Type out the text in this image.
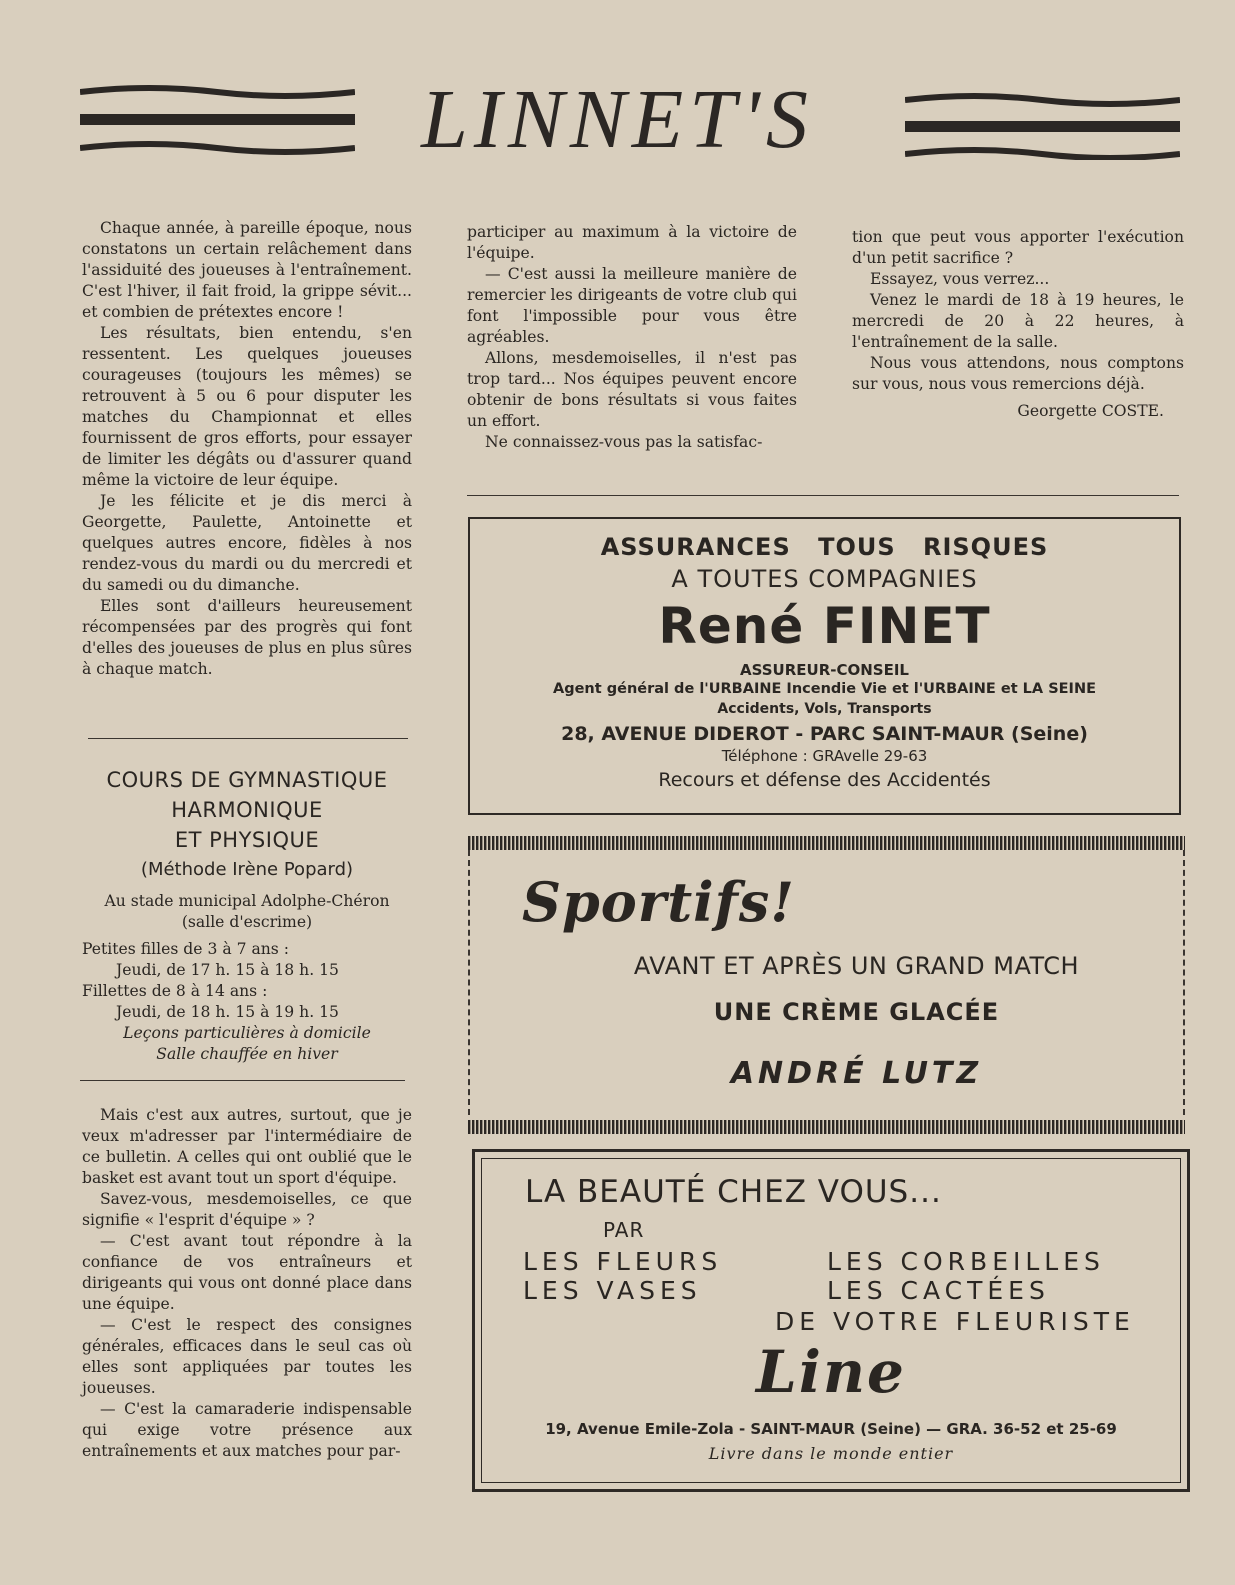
LINNET'S

Chaque année, à pareille époque, nous constatons un certain relâchement dans l'assiduité des joueuses à l'entraînement. C'est l'hiver, il fait froid, la grippe sévit... et combien de prétextes encore !

Les résultats, bien entendu, s'en ressentent. Les quelques joueuses courageuses (toujours les mêmes) se retrouvent à 5 ou 6 pour disputer les matches du Championnat et elles fournissent de gros efforts, pour essayer de limiter les dégâts ou d'assurer quand même la victoire de leur équipe.

Je les félicite et je dis merci à Georgette, Paulette, Antoinette et quelques autres encore, fidèles à nos rendez-vous du mardi ou du mercredi et du samedi ou du dimanche.

Elles sont d'ailleurs heureusement récompensées par des progrès qui font d'elles des joueuses de plus en plus sûres à chaque match.

COURS DE GYMNASTIQUE
HARMONIQUE
ET PHYSIQUE
(Méthode Irène Popard)
Au stade municipal Adolphe-Chéron
(salle d'escrime)
Petites filles de 3 à 7 ans :
Jeudi, de 17 h. 15 à 18 h. 15
Fillettes de 8 à 14 ans :
Jeudi, de 18 h. 15 à 19 h. 15
Leçons particulières à domicile
Salle chauffée en hiver

Mais c'est aux autres, surtout, que je veux m'adresser par l'intermédiaire de ce bulletin. A celles qui ont oublié que le basket est avant tout un sport d'équipe.

Savez-vous, mesdemoiselles, ce que signifie « l'esprit d'équipe » ?

— C'est avant tout répondre à la confiance de vos entraîneurs et dirigeants qui vous ont donné place dans une équipe.

— C'est le respect des consignes générales, efficaces dans le seul cas où elles sont appliquées par toutes les joueuses.

— C'est la camaraderie indispensable qui exige votre présence aux entraînements et aux matches pour par-

participer au maximum à la victoire de l'équipe.

— C'est aussi la meilleure manière de remercier les dirigeants de votre club qui font l'impossible pour vous être agréables.

Allons, mesdemoiselles, il n'est pas trop tard... Nos équipes peuvent encore obtenir de bons résultats si vous faites un effort.

Ne connaissez-vous pas la satisfac-

tion que peut vous apporter l'exécution d'un petit sacrifice ?

Essayez, vous verrez...

Venez le mardi de 18 à 19 heures, le mercredi de 20 à 22 heures, à l'entraînement de la salle.

Nous vous attendons, nous comptons sur vous, nous vous remercions déjà.

Georgette COSTE.
ASSURANCES TOUS RISQUES
A TOUTES COMPAGNIES
René FINET
ASSUREUR-CONSEIL
Agent général de l'URBAINE Incendie Vie et l'URBAINE et LA SEINE
Accidents, Vols, Transports
28, AVENUE DIDEROT - PARC SAINT-MAUR (Seine)
Téléphone : GRAvelle 29-63
Recours et défense des Accidentés
Sportifs!
AVANT ET APRÈS UN GRAND MATCH
UNE CRÈME GLACÉE
ANDRÉ LUTZ
LA BEAUTÉ CHEZ VOUS...
PAR
LES FLEURS	LES CORBEILLES
LES VASES	LES CACTÉES
DE VOTRE FLEURISTE
Line
19, Avenue Emile-Zola - SAINT-MAUR (Seine) — GRA. 36-52 et 25-69
Livre dans le monde entier
